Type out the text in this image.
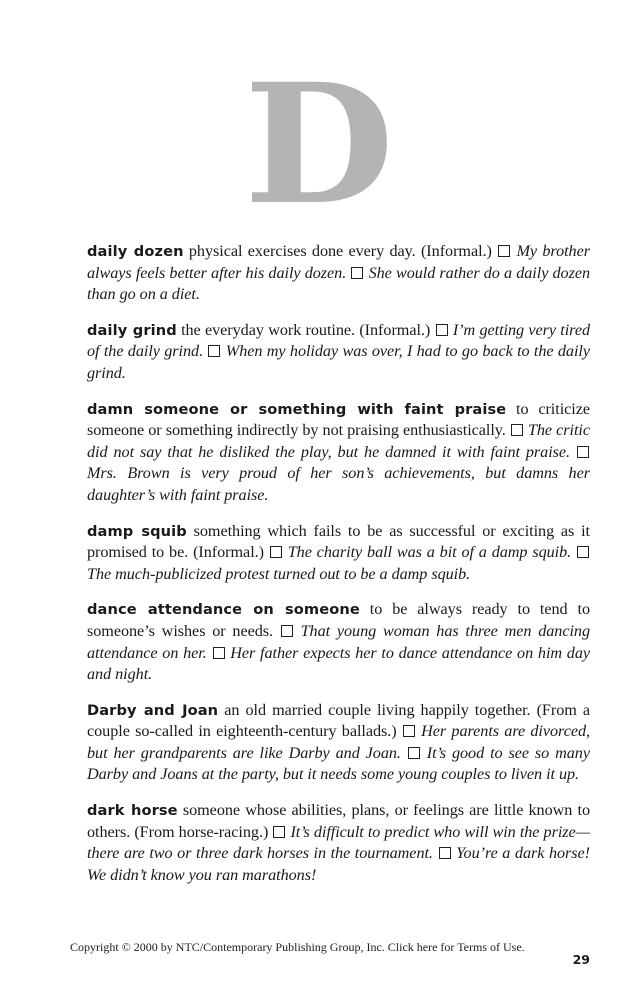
D

daily dozen physical exercises done every day. (Informal.)  My brother always feels better after his daily dozen. She would rather do a daily dozen than go on a diet.

daily grind the everyday work routine. (Informal.)  I’m getting very tired of the daily grind. When my holiday was over, I had to go back to the daily grind.

damn someone or something with faint praise to criticize someone or something indirectly by not praising enthusiastically.  The critic did not say that he disliked the play, but he damned it with faint praise.  Mrs. Brown is very proud of her son’s achievements, but damns her daughter’s with faint praise.

damp squib something which fails to be as successful or exciting as it promised to be. (Informal.)  The charity ball was a bit of a damp squib.  The much-publicized protest turned out to be a damp squib.

dance attendance on someone to be always ready to tend to someone’s wishes or needs.  That young woman has three men dancing attendance on her. Her father expects her to dance attendance on him day and night.

Darby and Joan an old married couple living happily together. (From a couple so-called in eighteenth-century ballads.)  Her parents are divorced, but her grandparents are like Darby and Joan. It’s good to see so many Darby and Joans at the party, but it needs some young couples to liven it up.

dark horse someone whose abilities, plans, or feelings are little known to others. (From horse-racing.)  It’s difficult to predict who will win the prize—there are two or three dark horses in the tournament. You’re a dark horse! We didn’t know you ran marathons!

Copyright © 2000 by NTC/Contemporary Publishing Group, Inc. Click here for Terms of Use.
29
